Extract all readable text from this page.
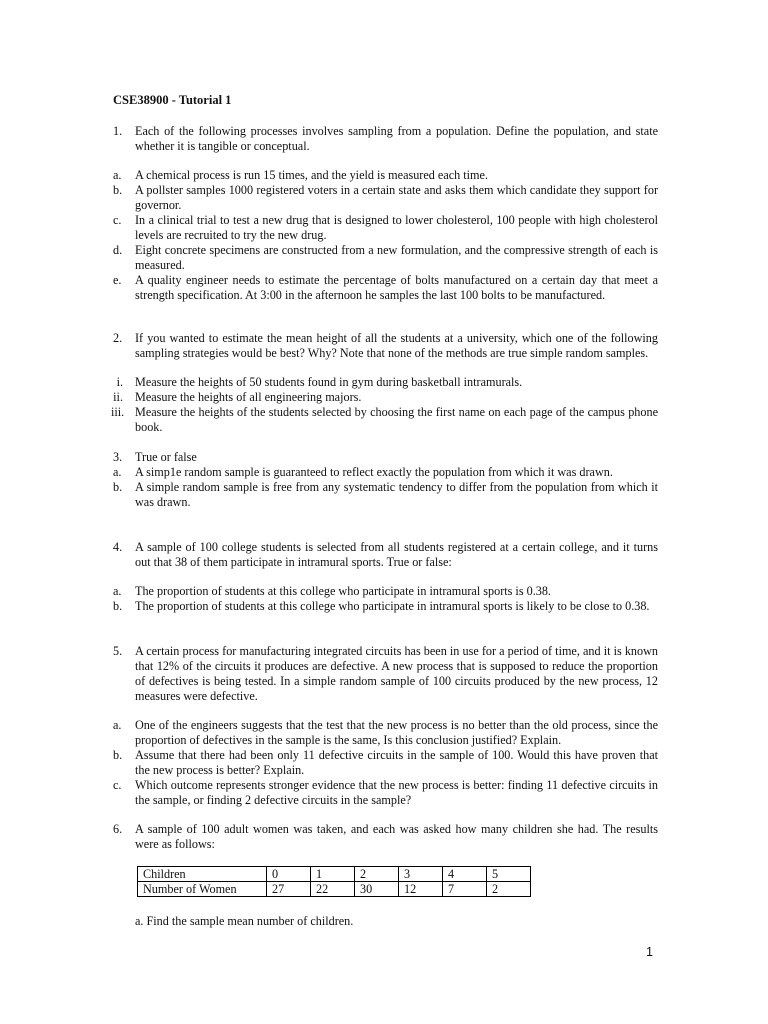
CSE38900 - Tutorial 1
1. Each of the following processes involves sampling from a population. Define the population, and state whether it is tangible or conceptual.
a.	A chemical process is run 15 times, and the yield is measured each time.
b.	A pollster samples 1000 registered voters in a certain state and asks them which candidate they support for governor.
c.	In a clinical trial to test a new drug that is designed to lower cholesterol, 100 people with high cholesterol levels are recruited to try the new drug.
d.	Eight concrete specimens are constructed from a new formulation, and the compressive strength of each is measured.
e.	A quality engineer needs to estimate the percentage of bolts manufactured on a certain day that meet a strength specification. At 3:00 in the afternoon he samples the last 100 bolts to be manufactured.
2. If you wanted to estimate the mean height of all the students at a university, which one of the following sampling strategies would be best? Why? Note that none of the methods are true simple random samples.
i. Measure the heights of 50 students found in gym during basketball intramurals.
ii. Measure the heights of all engineering majors.
iii. Measure the heights of the students selected by choosing the first name on each page of the campus phone book.
3. True or false
a.	A simp1e random sample is guaranteed to reflect exactly the population from which it was drawn.
b.	A simple random sample is free from any systematic tendency to differ from the population from which it was drawn.
4. A sample of 100 college students is selected from all students registered at a certain college, and it turns out that 38 of them participate in intramural sports. True or false:
a.	The proportion of students at this college who participate in intramural sports is 0.38.
b.	The proportion of students at this college who participate in intramural sports is likely to be close to 0.38.
5. A certain process for manufacturing integrated circuits has been in use for a period of time, and it is known that 12% of the circuits it produces are defective. A new process that is supposed to reduce the proportion of defectives is being tested. In a simple random sample of 100 circuits produced by the new process, 12 measures were defective.
a.	One of the engineers suggests that the test that the new process is no better than the old process, since the proportion of defectives in the sample is the same, Is this conclusion justified? Explain.
b.	Assume that there had been only 11 defective circuits in the sample of 100. Would this have proven that the new process is better? Explain.
c.	Which outcome represents stronger evidence that the new process is better: finding 11 defective circuits in the sample, or finding 2 defective circuits in the sample?
6. A sample of 100 adult women was taken, and each was asked how many children she had. The results were as follows:
Children	0	1	2	3	4	5
Number of Women	27	22	30	12	7	2
a. Find the sample mean number of children.
1
